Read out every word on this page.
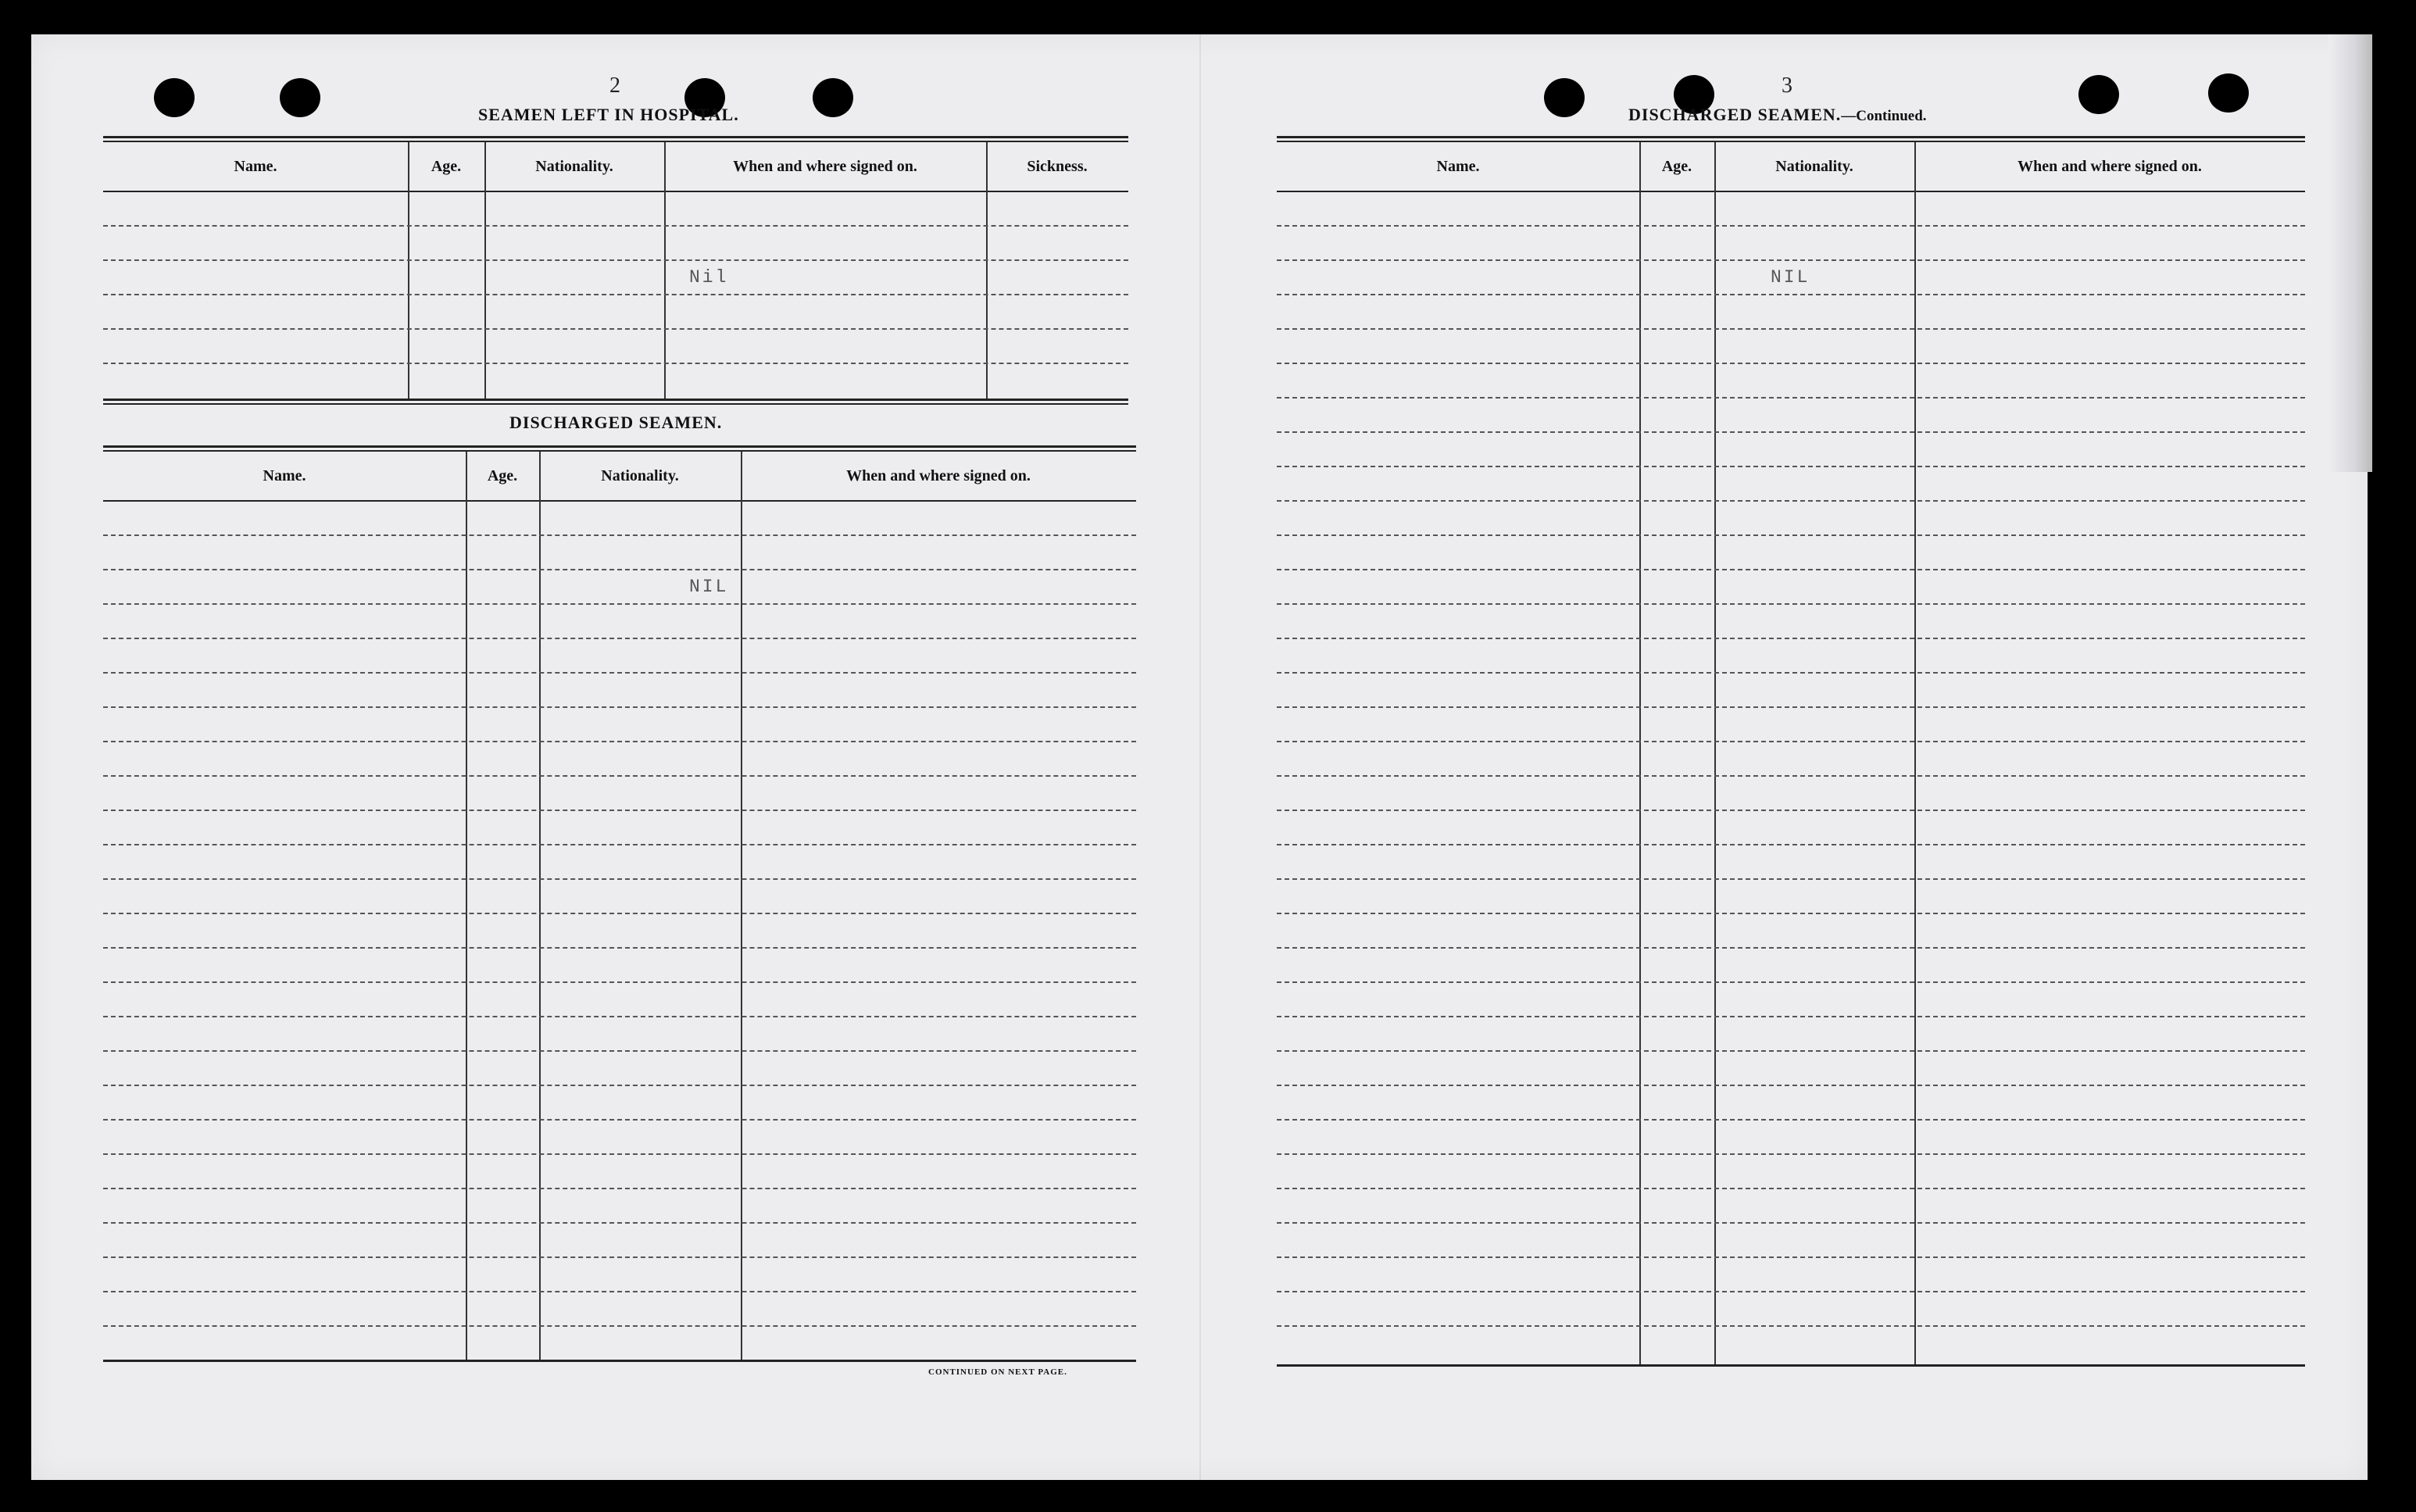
2
SEAMEN LEFT IN HOSPITAL.
Name.	Age.	Nationality.	When and where signed on.	Sickness.
Nil
DISCHARGED SEAMEN.
Name.	Age.	Nationality.	When and where signed on.
NIL
CONTINUED ON NEXT PAGE.
3
DISCHARGED SEAMEN.—Continued.
Name.	Age.	Nationality.	When and where signed on.
NIL
